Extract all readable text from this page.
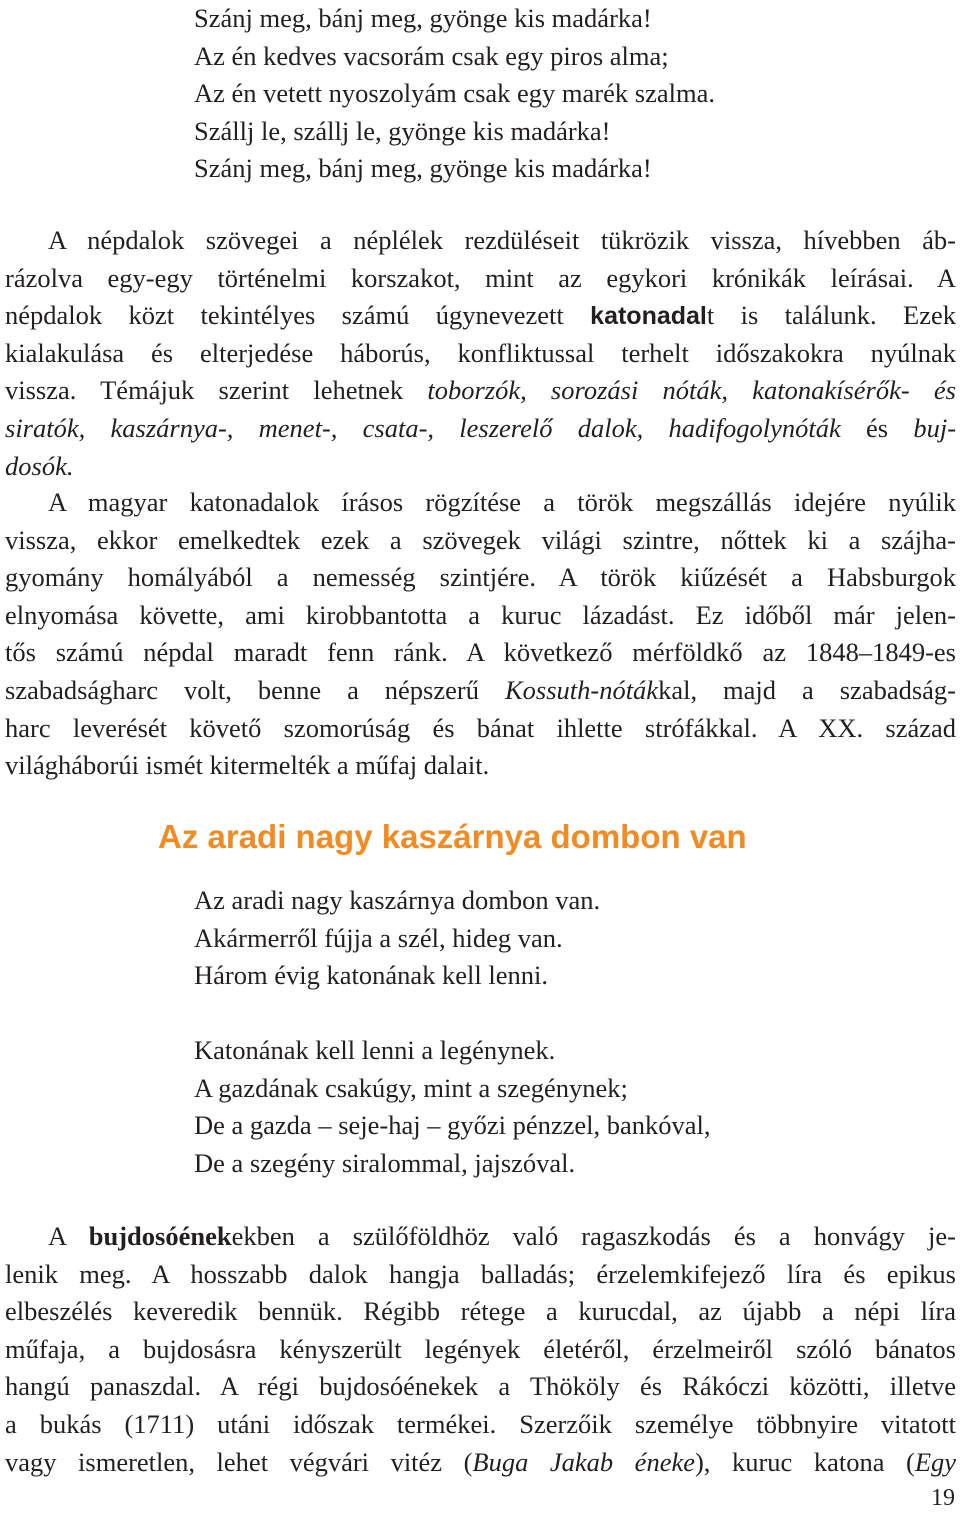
Szánj meg, bánj meg, gyönge kis madárka!
Az én kedves vacsorám csak egy piros alma;
Az én vetett nyoszolyám csak egy marék szalma.
Szállj le, szállj le, gyönge kis madárka!
Szánj meg, bánj meg, gyönge kis madárka!
A népdalok szövegei a néplélek rezdüléseit tükrözik vissza, hívebben áb-
rázolva egy-egy történelmi korszakot, mint az egykori krónikák leírásai. A
népdalok közt tekintélyes számú úgynevezett katonadalt is találunk. Ezek
kialakulása és elterjedése háborús, konfliktussal terhelt időszakokra nyúlnak
vissza. Témájuk szerint lehetnek toborzók, sorozási nóták, katonakísérők- és
siratók, kaszárnya-, menet-, csata-, leszerelő dalok, hadifogolynóták és buj-
dosók.
A magyar katonadalok írásos rögzítése a török megszállás idejére nyúlik
vissza, ekkor emelkedtek ezek a szövegek világi szintre, nőttek ki a szájha-
gyomány homályából a nemesség szintjére. A török kiűzését a Habsburgok
elnyomása követte, ami kirobbantotta a kuruc lázadást. Ez időből már jelen-
tős számú népdal maradt fenn ránk. A következő mérföldkő az 1848–1849-es
szabadságharc volt, benne a népszerű Kossuth-nótákkal, majd a szabadság-
harc leverését követő szomorúság és bánat ihlette strófákkal. A XX. század
világháborúi ismét kitermelték a műfaj dalait.
Az aradi nagy kaszárnya dombon van
Az aradi nagy kaszárnya dombon van.
Akármerről fújja a szél, hideg van.
Három évig katonának kell lenni.
Katonának kell lenni a legénynek.
A gazdának csakúgy, mint a szegénynek;
De a gazda – seje-haj – győzi pénzzel, bankóval,
De a szegény siralommal, jajszóval.
A bujdosóénekekben a szülőföldhöz való ragaszkodás és a honvágy je-
lenik meg. A hosszabb dalok hangja balladás; érzelemkifejező líra és epikus
elbeszélés keveredik bennük. Régibb rétege a kurucdal, az újabb a népi líra
műfaja, a bujdosásra kényszerült legények életéről, érzelmeiről szóló bánatos
hangú panaszdal. A régi bujdosóénekek a Thököly és Rákóczi közötti, illetve
a bukás (1711) utáni időszak termékei. Szerzőik személye többnyire vitatott
vagy ismeretlen, lehet végvári vitéz (Buga Jakab éneke), kuruc katona (Egy
19
